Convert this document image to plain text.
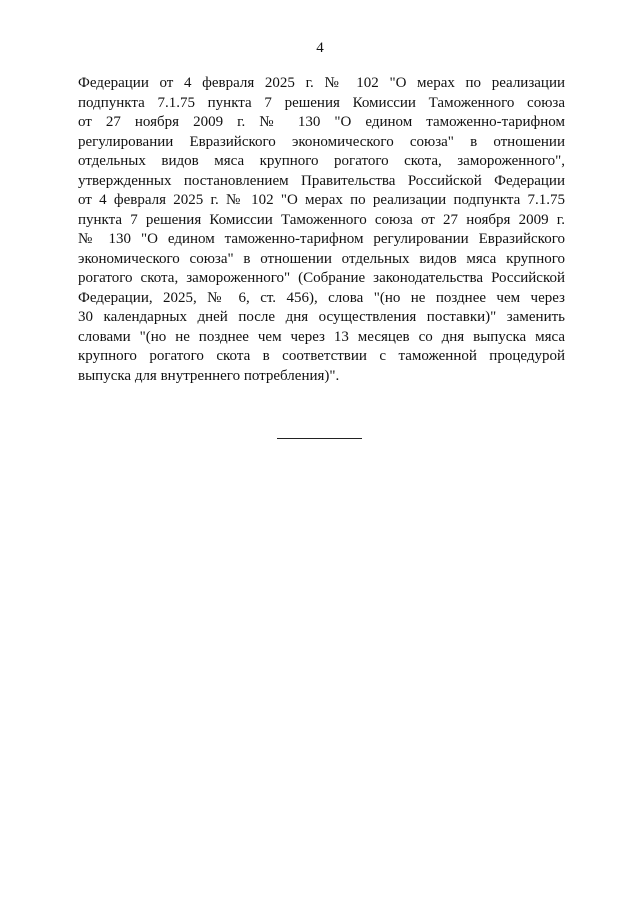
4
Федерации от 4 февраля 2025 г. № 102 "О мерах по реализации
подпункта 7.1.75 пункта 7 решения Комиссии Таможенного союза
от 27 ноября 2009 г. № 130 "О едином таможенно-тарифном
регулировании Евразийского экономического союза" в отношении
отдельных видов мяса крупного рогатого скота, замороженного",
утвержденных постановлением Правительства Российской Федерации
от 4 февраля 2025 г. № 102 "О мерах по реализации подпункта 7.1.75
пункта 7 решения Комиссии Таможенного союза от 27 ноября 2009 г.
№ 130 "О едином таможенно-тарифном регулировании Евразийского
экономического союза" в отношении отдельных видов мяса крупного
рогатого скота, замороженного" (Собрание законодательства Российской
Федерации, 2025, № 6, ст. 456), слова "(но не позднее чем через
30 календарных дней после дня осуществления поставки)" заменить
словами "(но не позднее чем через 13 месяцев со дня выпуска мяса
крупного рогатого скота в соответствии с таможенной процедурой
выпуска для внутреннего потребления)".
